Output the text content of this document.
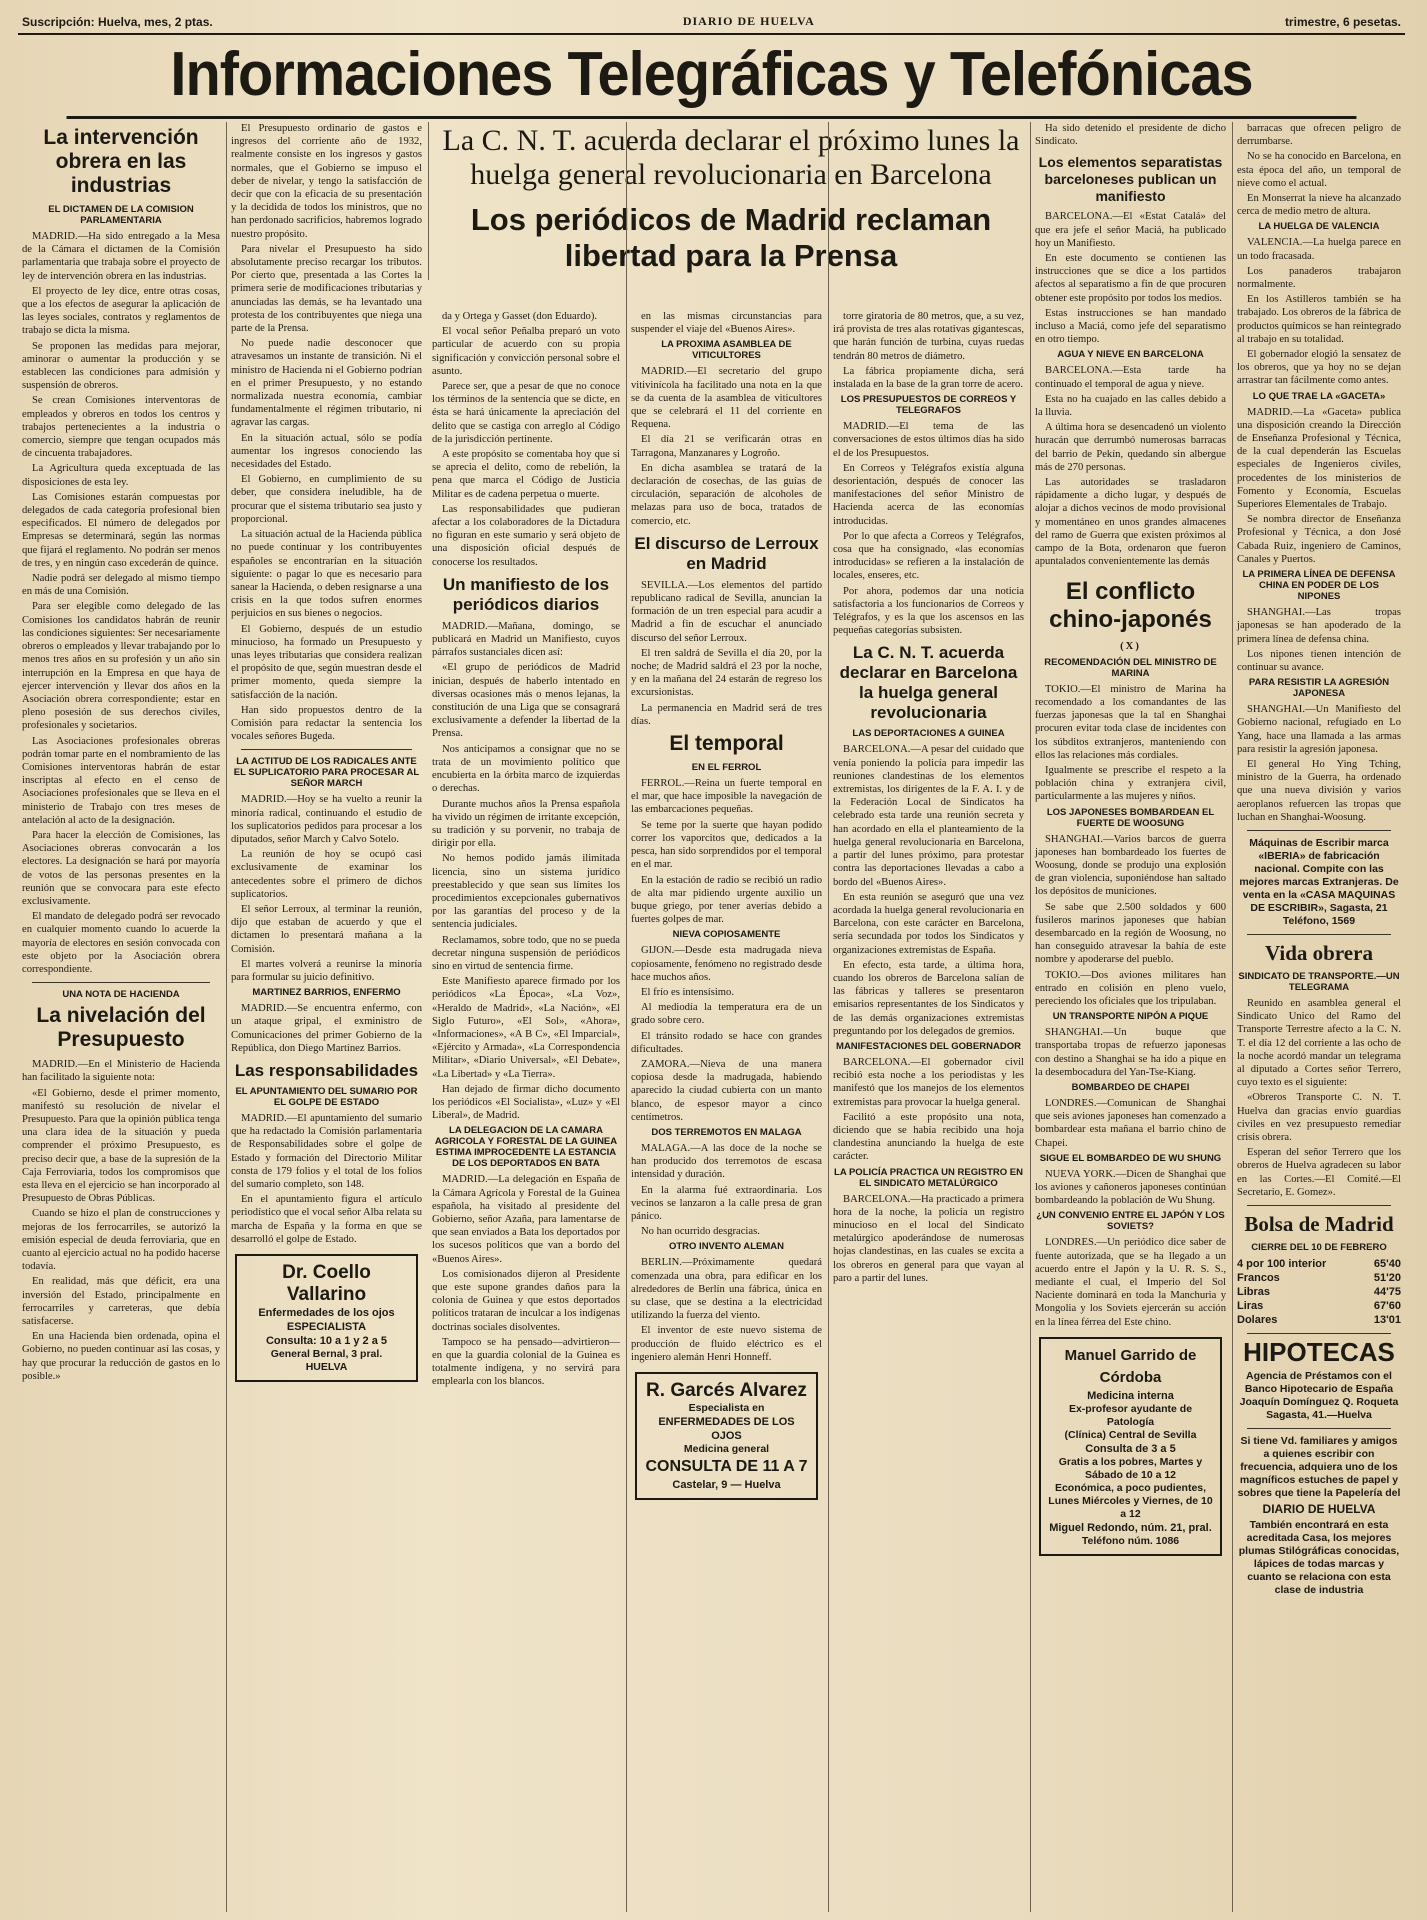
Suscripción: Huelva, mes, 2 ptas.	DIARIO DE HUELVA	trimestre, 6 pesetas.
Informaciones Telegráficas y Telefónicas
La intervención obrera en las industrias
EL DICTAMEN DE LA COMISION PARLAMENTARIA

MADRID.—Ha sido entregado a la Mesa de la Cámara el dictamen de la Comisión parlamentaria que trabaja sobre el proyecto de ley de intervención obrera en las industrias.

El proyecto de ley dice, entre otras cosas, que a los efectos de asegurar la aplicación de las leyes sociales, contratos y reglamentos de trabajo se dicta la misma.

Se proponen las medidas para mejorar, aminorar o aumentar la producción y se establecen las condiciones para admisión y suspensión de obreros.

Se crean Comisiones interventoras de empleados y obreros en todos los centros y trabajos pertenecientes a la industria o comercio, siempre que tengan ocupados más de cincuenta trabajadores.

La Agricultura queda exceptuada de las disposiciones de esta ley.

Las Comisiones estarán compuestas por delegados de cada categoría profesional bien especificados. El número de delegados por Empresas se determinará, según las normas que fijará el reglamento. No podrán ser menos de tres, y en ningún caso excederán de quince.

Nadie podrá ser delegado al mismo tiempo en más de una Comisión.

Para ser elegible como delegado de las Comisiones los candidatos habrán de reunir las condiciones siguientes: Ser necesariamente obreros o empleados y llevar trabajando por lo menos tres años en su profesión y un año sin interrupción en la Empresa en que haya de ejercer intervención y llevar dos años en la Asociación obrera correspondiente; estar en pleno posesión de sus derechos civiles, profesionales y societarios.

Las Asociaciones profesionales obreras podrán tomar parte en el nombramiento de las Comisiones interventoras habrán de estar inscriptas al efecto en el censo de Asociaciones profesionales que se lleva en el ministerio de Trabajo con tres meses de antelación al acto de la designación.

Para hacer la elección de Comisiones, las Asociaciones obreras convocarán a los electores. La designación se hará por mayoría de votos de las personas presentes en la reunión que se convocara para este efecto exclusivamente.

El mandato de delegado podrá ser revocado en cualquier momento cuando lo acuerde la mayoría de electores en sesión convocada con este objeto por la Asociación obrera correspondiente.

UNA NOTA DE HACIENDA
La nivelación del Presupuesto

MADRID.—En el Ministerio de Hacienda han facilitado la siguiente nota:

«El Gobierno, desde el primer momento, manifestó su resolución de nivelar el Presupuesto. Para que la opinión pública tenga una clara idea de la situación y pueda comprender el próximo Presupuesto, es preciso decir que, a base de la supresión de la Caja Ferroviaria, todos los compromisos que esta lleva en el ejercicio se han incorporado al Presupuesto de Obras Públicas.

Cuando se hizo el plan de construcciones y mejoras de los ferrocarriles, se autorizó la emisión especial de deuda ferroviaria, que en cuanto al ejercicio actual no ha podido hacerse todavía.

En realidad, más que déficit, era una inversión del Estado, principalmente en ferrocarriles y carreteras, que debía satisfacerse.

En una Hacienda bien ordenada, opina el Gobierno, no pueden continuar así las cosas, y hay que procurar la reducción de gastos en lo posible.»

El Presupuesto ordinario de gastos e ingresos del corriente año de 1932, realmente consiste en los ingresos y gastos normales, que el Gobierno se impuso el deber de nivelar, y tengo la satisfacción de decir que con la eficacia de su presentación y la decidida de todos los ministros, que no han perdonado sacrificios, habremos logrado nuestro propósito.

Para nivelar el Presupuesto ha sido absolutamente preciso recargar los tributos. Por cierto que, presentada a las Cortes la primera serie de modificaciones tributarias y anunciadas las demás, se ha levantado una protesta de los contribuyentes que niega una parte de la Prensa.

No puede nadie desconocer que atravesamos un instante de transición. Ni el ministro de Hacienda ni el Gobierno podrían en el primer Presupuesto, y no estando normalizada nuestra economía, cambiar fundamentalmente el régimen tributario, ni agravar las cargas.

En la situación actual, sólo se podía aumentar los ingresos conociendo las necesidades del Estado.

El Gobierno, en cumplimiento de su deber, que considera ineludible, ha de procurar que el sistema tributario sea justo y proporcional.

La situación actual de la Hacienda pública no puede continuar y los contribuyentes españoles se encontrarían en la situación siguiente: o pagar lo que es necesario para sanear la Hacienda, o deben resignarse a una crisis en la que todos sufren enormes perjuicios en sus bienes o negocios.

El Gobierno, después de un estudio minucioso, ha formado un Presupuesto y unas leyes tributarias que considera realizan el propósito de que, según muestran desde el primer momento, queda siempre la satisfacción de la nación.

Han sido propuestos dentro de la Comisión para redactar la sentencia los vocales señores Bugeda.

LA ACTITUD DE LOS RADICALES ANTE EL SUPLICATORIO PARA PROCESAR AL SEÑOR MARCH

MADRID.—Hoy se ha vuelto a reunir la minoría radical, continuando el estudio de los suplicatorios pedidos para procesar a los diputados, señor March y Calvo Sotelo.

La reunión de hoy se ocupó casi exclusivamente de examinar los antecedentes sobre el primero de dichos suplicatorios.

El señor Lerroux, al terminar la reunión, dijo que estaban de acuerdo y que el dictamen lo presentará mañana a la Comisión.

El martes volverá a reunirse la minoría para formular su juicio definitivo.

MARTINEZ BARRIOS, ENFERMO

MADRID.—Se encuentra enfermo, con un ataque gripal, el exministro de Comunicaciones del primer Gobierno de la República, don Diego Martínez Barrios.

Las responsabilidades
EL APUNTAMIENTO DEL SUMARIO POR EL GOLPE DE ESTADO

MADRID.—El apuntamiento del sumario que ha redactado la Comisión parlamentaria de Responsabilidades sobre el golpe de Estado y formación del Directorio Militar consta de 179 folios y el total de los folios del sumario completo, son 148.

En el apuntamiento figura el artículo periodístico que el vocal señor Alba relata su marcha de España y la forma en que se desarrolló el golpe de Estado.

Dr. Coello Vallarino
Enfermedades de los ojos
ESPECIALISTA
Consulta: 10 a 1 y 2 a 5
General Bernal, 3 pral.
HUELVA
La C. N. T. acuerda declarar el próximo lunes la huelga general revolucionaria en Barcelona
Los periódicos de Madrid reclaman libertad para la Prensa

da y Ortega y Gasset (don Eduardo).

El vocal señor Peñalba preparó un voto particular de acuerdo con su propia significación y convicción personal sobre el asunto.

Parece ser, que a pesar de que no conoce los términos de la sentencia que se dicte, en ésta se hará únicamente la apreciación del delito que se castiga con arreglo al Código de la jurisdicción pertinente.

A este propósito se comentaba hoy que si se aprecia el delito, como de rebelión, la pena que marca el Código de Justicia Militar es de cadena perpetua o muerte.

Las responsabilidades que pudieran afectar a los colaboradores de la Dictadura no figuran en este sumario y será objeto de una disposición oficial después de conocerse los resultados.

Un manifiesto de los periódicos diarios

MADRID.—Mañana, domingo, se publicará en Madrid un Manifiesto, cuyos párrafos sustanciales dicen así:

«El grupo de periódicos de Madrid inician, después de haberlo intentado en diversas ocasiones más o menos lejanas, la constitución de una Liga que se consagrará exclusivamente a defender la libertad de la Prensa.

Nos anticipamos a consignar que no se trata de un movimiento político que encubierta en la órbita marco de izquierdas o derechas.

Durante muchos años la Prensa española ha vivido un régimen de irritante excepción, su tradición y su porvenir, no trabaja de dirigir por ella.

No hemos podido jamás ilimitada licencia, sino un sistema jurídico preestablecido y que sean sus límites los procedimientos excepcionales gubernativos por las garantías del proceso y de la sentencia judiciales.

Reclamamos, sobre todo, que no se pueda decretar ninguna suspensión de periódicos sino en virtud de sentencia firme.

Este Manifiesto aparece firmado por los periódicos «La Época», «La Voz», «Heraldo de Madrid», «La Nación», «El Siglo Futuro», «El Sol», «Ahora», «Informaciones», «A B C», «El Imparcial», «Ejército y Armada», «La Correspondencia Militar», «Diario Universal», «El Debate», «La Libertad» y «La Tierra».

Han dejado de firmar dicho documento los periódicos «El Socialista», «Luz» y «El Liberal», de Madrid.

LA DELEGACION DE LA CAMARA AGRICOLA Y FORESTAL DE LA GUINEA ESTIMA IMPROCEDENTE LA ESTANCIA DE LOS DEPORTADOS EN BATA

MADRID.—La delegación en España de la Cámara Agrícola y Forestal de la Guinea española, ha visitado al presidente del Gobierno, señor Azaña, para lamentarse de que sean enviados a Bata los deportados por los sucesos políticos que van a bordo del «Buenos Aires».

Los comisionados dijeron al Presidente que este supone grandes daños para la colonia de Guinea y que estos deportados políticos trataran de inculcar a los indígenas doctrinas sociales disolventes.

Tampoco se ha pensado—advirtieron—en que la guardia colonial de la Guinea es totalmente indígena, y no servirá para emplearla con los blancos.

en las mismas circunstancias para suspender el viaje del «Buenos Aires».

LA PROXIMA ASAMBLEA DE VITICULTORES

MADRID.—El secretario del grupo vitivinícola ha facilitado una nota en la que se da cuenta de la asamblea de viticultores que se celebrará el 11 del corriente en Requena.

El día 21 se verificarán otras en Tarragona, Manzanares y Logroño.

En dicha asamblea se tratará de la declaración de cosechas, de las guías de circulación, separación de alcoholes de melazas para uso de boca, tratados de comercio, etc.

El discurso de Lerroux en Madrid

SEVILLA.—Los elementos del partido republicano radical de Sevilla, anuncian la formación de un tren especial para acudir a Madrid a fin de escuchar el anunciado discurso del señor Lerroux.

El tren saldrá de Sevilla el día 20, por la noche; de Madrid saldrá el 23 por la noche, y en la mañana del 24 estarán de regreso los excursionistas.

La permanencia en Madrid será de tres días.

El temporal
EN EL FERROL

FERROL.—Reina un fuerte temporal en el mar, que hace imposible la navegación de las embarcaciones pequeñas.

Se teme por la suerte que hayan podido correr los vaporcitos que, dedicados a la pesca, han sido sorprendidos por el temporal en el mar.

En la estación de radio se recibió un radio de alta mar pidiendo urgente auxilio un buque griego, por tener averías debido a fuertes golpes de mar.

NIEVA COPIOSAMENTE

GIJON.—Desde esta madrugada nieva copiosamente, fenómeno no registrado desde hace muchos años.

El frío es intensísimo.

Al mediodía la temperatura era de un grado sobre cero.

El tránsito rodado se hace con grandes dificultades.

ZAMORA.—Nieva de una manera copiosa desde la madrugada, habiendo aparecido la ciudad cubierta con un manto blanco, de espesor mayor a cinco centímetros.

DOS TERREMOTOS EN MALAGA

MALAGA.—A las doce de la noche se han producido dos terremotos de escasa intensidad y duración.

En la alarma fué extraordinaria. Los vecinos se lanzaron a la calle presa de gran pánico.

No han ocurrido desgracias.

OTRO INVENTO ALEMAN

BERLIN.—Próximamente quedará comenzada una obra, para edificar en los alrededores de Berlín una fábrica, única en su clase, que se destina a la electricidad utilizando la fuerza del viento.

El inventor de este nuevo sistema de producción de fluido eléctrico es el ingeniero alemán Henri Honneff.

R. Garcés Alvarez
Especialista en
ENFERMEDADES DE LOS OJOS
Medicina general
CONSULTA DE 11 A 7
Castelar, 9 — Huelva

torre giratoria de 80 metros, que, a su vez, irá provista de tres alas rotativas gigantescas, que harán función de turbina, cuyas ruedas tendrán 80 metros de diámetro.

La fábrica propiamente dicha, será instalada en la base de la gran torre de acero.

LOS PRESUPUESTOS DE CORREOS Y TELEGRAFOS

MADRID.—El tema de las conversaciones de estos últimos días ha sido el de los Presupuestos.

En Correos y Telégrafos existía alguna desorientación, después de conocer las manifestaciones del señor Ministro de Hacienda acerca de las economías introducidas.

Por lo que afecta a Correos y Telégrafos, cosa que ha consignado, «las economías introducidas» se refieren a la instalación de locales, enseres, etc.

Por ahora, podemos dar una noticia satisfactoria a los funcionarios de Correos y Telégrafos, y es la que los ascensos en las pequeñas categorías subsisten.

La C. N. T. acuerda declarar en Barcelona la huelga general revolucionaria
LAS DEPORTACIONES A GUINEA

BARCELONA.—A pesar del cuidado que venía poniendo la policía para impedir las reuniones clandestinas de los elementos extremistas, los dirigentes de la F. A. I. y de la Federación Local de Sindicatos ha celebrado esta tarde una reunión secreta y han acordado en ella el planteamiento de la huelga general revolucionaria en Barcelona, a partir del lunes próximo, para protestar contra las deportaciones llevadas a cabo a bordo del «Buenos Aires».

En esta reunión se aseguró que una vez acordada la huelga general revolucionaria en Barcelona, con este carácter en Barcelona, sería secundada por todos los Sindicatos y organizaciones extremistas de España.

En efecto, esta tarde, a última hora, cuando los obreros de Barcelona salían de las fábricas y talleres se presentaron emisarios representantes de los Sindicatos y de las demás organizaciones extremistas preguntando por los delegados de gremios.

MANIFESTACIONES DEL GOBERNADOR

BARCELONA.—El gobernador civil recibió esta noche a los periodistas y les manifestó que los manejos de los elementos extremistas para provocar la huelga general.

Facilitó a este propósito una nota, diciendo que se había recibido una hoja clandestina anunciando la huelga de este carácter.

LA POLICÍA PRACTICA UN REGISTRO EN EL SINDICATO METALÚRGICO

BARCELONA.—Ha practicado a primera hora de la noche, la policía un registro minucioso en el local del Sindicato metalúrgico apoderándose de numerosas hojas clandestinas, en las cuales se excita a los obreros en general para que vayan al paro a partir del lunes.

Ha sido detenido el presidente de dicho Sindicato.

Los elementos separatistas barceloneses publican un manifiesto

BARCELONA.—El «Estat Catalá» del que era jefe el señor Maciá, ha publicado hoy un Manifiesto.

En este documento se contienen las instrucciones que se dice a los partidos afectos al separatismo a fin de que procuren obtener este propósito por todos los medios.

Estas instrucciones se han mandado incluso a Maciá, como jefe del separatismo en otro tiempo.

AGUA Y NIEVE EN BARCELONA

BARCELONA.—Esta tarde ha continuado el temporal de agua y nieve.

Esta no ha cuajado en las calles debido a la lluvia.

A última hora se desencadenó un violento huracán que derrumbó numerosas barracas del barrio de Pekín, quedando sin albergue más de 270 personas.

Las autoridades se trasladaron rápidamente a dicho lugar, y después de alojar a dichos vecinos de modo provisional y momentáneo en unos grandes almacenes del ramo de Guerra que existen próximos al campo de la Bota, ordenaron que fueron apuntalados convenientemente las demás

El conflicto chino-japonés
(X)
RECOMENDACIÓN DEL MINISTRO DE MARINA

TOKIO.—El ministro de Marina ha recomendado a los comandantes de las fuerzas japonesas que la tal en Shanghai procuren evitar toda clase de incidentes con los súbditos extranjeros, manteniendo con ellos las relaciones más cordiales.

Igualmente se prescribe el respeto a la población china y extranjera civil, particularmente a las mujeres y niños.

LOS JAPONESES BOMBARDEAN EL FUERTE DE WOOSUNG

SHANGHAI.—Varios barcos de guerra japoneses han bombardeado los fuertes de Woosung, donde se produjo una explosión de gran violencia, suponiéndose han saltado los depósitos de municiones.

Se sabe que 2.500 soldados y 600 fusileros marinos japoneses que habían desembarcado en la región de Woosung, no han conseguido atravesar la bahía de este nombre y apoderarse del pueblo.

TOKIO.—Dos aviones militares han entrado en colisión en pleno vuelo, pereciendo los oficiales que los tripulaban.

UN TRANSPORTE NIPÓN A PIQUE

SHANGHAI.—Un buque que transportaba tropas de refuerzo japonesas con destino a Shanghai se ha ido a pique en la desembocadura del Yan-Tse-Kiang.

BOMBARDEO DE CHAPEI

LONDRES.—Comunican de Shanghai que seis aviones japoneses han comenzado a bombardear esta mañana el barrio chino de Chapei.

SIGUE EL BOMBARDEO DE WU SHUNG

NUEVA YORK.—Dicen de Shanghai que los aviones y cañoneros japoneses continúan bombardeando la población de Wu Shung.

¿UN CONVENIO ENTRE EL JAPÓN Y LOS SOVIETS?

LONDRES.—Un periódico dice saber de fuente autorizada, que se ha llegado a un acuerdo entre el Japón y la U. R. S. S., mediante el cual, el Imperio del Sol Naciente dominará en toda la Manchuria y Mongolia y los Soviets ejercerán su acción en la línea férrea del Este chino.

Manuel Garrido de Córdoba
Medicina interna
Ex-profesor ayudante de Patología
(Clínica) Central de Sevilla
Consulta de 3 a 5
Gratis a los pobres, Martes y Sábado de 10 a 12
Económica, a poco pudientes, Lunes Miércoles y Viernes, de 10 a 12
Miguel Redondo, núm. 21, pral.
Teléfono núm. 1086

barracas que ofrecen peligro de derrumbarse.

No se ha conocido en Barcelona, en esta época del año, un temporal de nieve como el actual.

En Monserrat la nieve ha alcanzado cerca de medio metro de altura.

LA HUELGA DE VALENCIA

VALENCIA.—La huelga parece en un todo fracasada.

Los panaderos trabajaron normalmente.

En los Astilleros también se ha trabajado. Los obreros de la fábrica de productos químicos se han reintegrado al trabajo en su totalidad.

El gobernador elogió la sensatez de los obreros, que ya hoy no se dejan arrastrar tan fácilmente como antes.

LO QUE TRAE LA «GACETA»

MADRID.—La «Gaceta» publica una disposición creando la Dirección de Enseñanza Profesional y Técnica, de la cual dependerán las Escuelas especiales de Ingenieros civiles, procedentes de los ministerios de Fomento y Economía, Escuelas Superiores Elementales de Trabajo.

Se nombra director de Enseñanza Profesional y Técnica, a don José Cabada Ruiz, ingeniero de Caminos, Canales y Puertos.

LA PRIMERA LÍNEA DE DEFENSA CHINA EN PODER DE LOS NIPONES

SHANGHAI.—Las tropas japonesas se han apoderado de la primera línea de defensa china.

Los nipones tienen intención de continuar su avance.

PARA RESISTIR LA AGRESIÓN JAPONESA

SHANGHAI.—Un Manifiesto del Gobierno nacional, refugiado en Lo Yang, hace una llamada a las armas para resistir la agresión japonesa.

El general Ho Ying Tching, ministro de la Guerra, ha ordenado que una nueva división y varios aeroplanos refuercen las tropas que luchan en Shanghai-Woosung.

Máquinas de Escribir marca «IBERIA» de fabricación nacional. Compite con las mejores marcas Extranjeras. De venta en la «CASA MAQUINAS DE ESCRIBIR», Sagasta, 21 Teléfono, 1569
Vida obrera
SINDICATO DE TRANSPORTE.—UN TELEGRAMA

Reunido en asamblea general el Sindicato Unico del Ramo del Transporte Terrestre afecto a la C. N. T. el día 12 del corriente a las ocho de la noche acordó mandar un telegrama al diputado a Cortes señor Terrero, cuyo texto es el siguiente:

«Obreros Transporte C. N. T. Huelva dan gracias envío guardias civiles en vez presupuesto remediar crisis obrera.

Esperan del señor Terrero que los obreros de Huelva agradecen su labor en las Cortes.—El Comité.—El Secretario, E. Gomez».

Bolsa de Madrid
CIERRE DEL 10 DE FEBRERO
4 por 100 interior	65'40
Francos	51'20
Libras	44'75
Liras	67'60
Dolares	13'01
HIPOTECAS
Agencia de Préstamos con el
Banco Hipotecario de España
Joaquín Domínguez Q. Roqueta
Sagasta, 41.—Huelva
Si tiene Vd. familiares y amigos a quienes escribir con frecuencia, adquiera uno de los magníficos estuches de papel y sobres que tiene la Papelería del
DIARIO DE HUELVA
También encontrará en esta acreditada Casa, los mejores plumas Stilógráficas conocidas, lápices de todas marcas y cuanto se relaciona con esta clase de industria
